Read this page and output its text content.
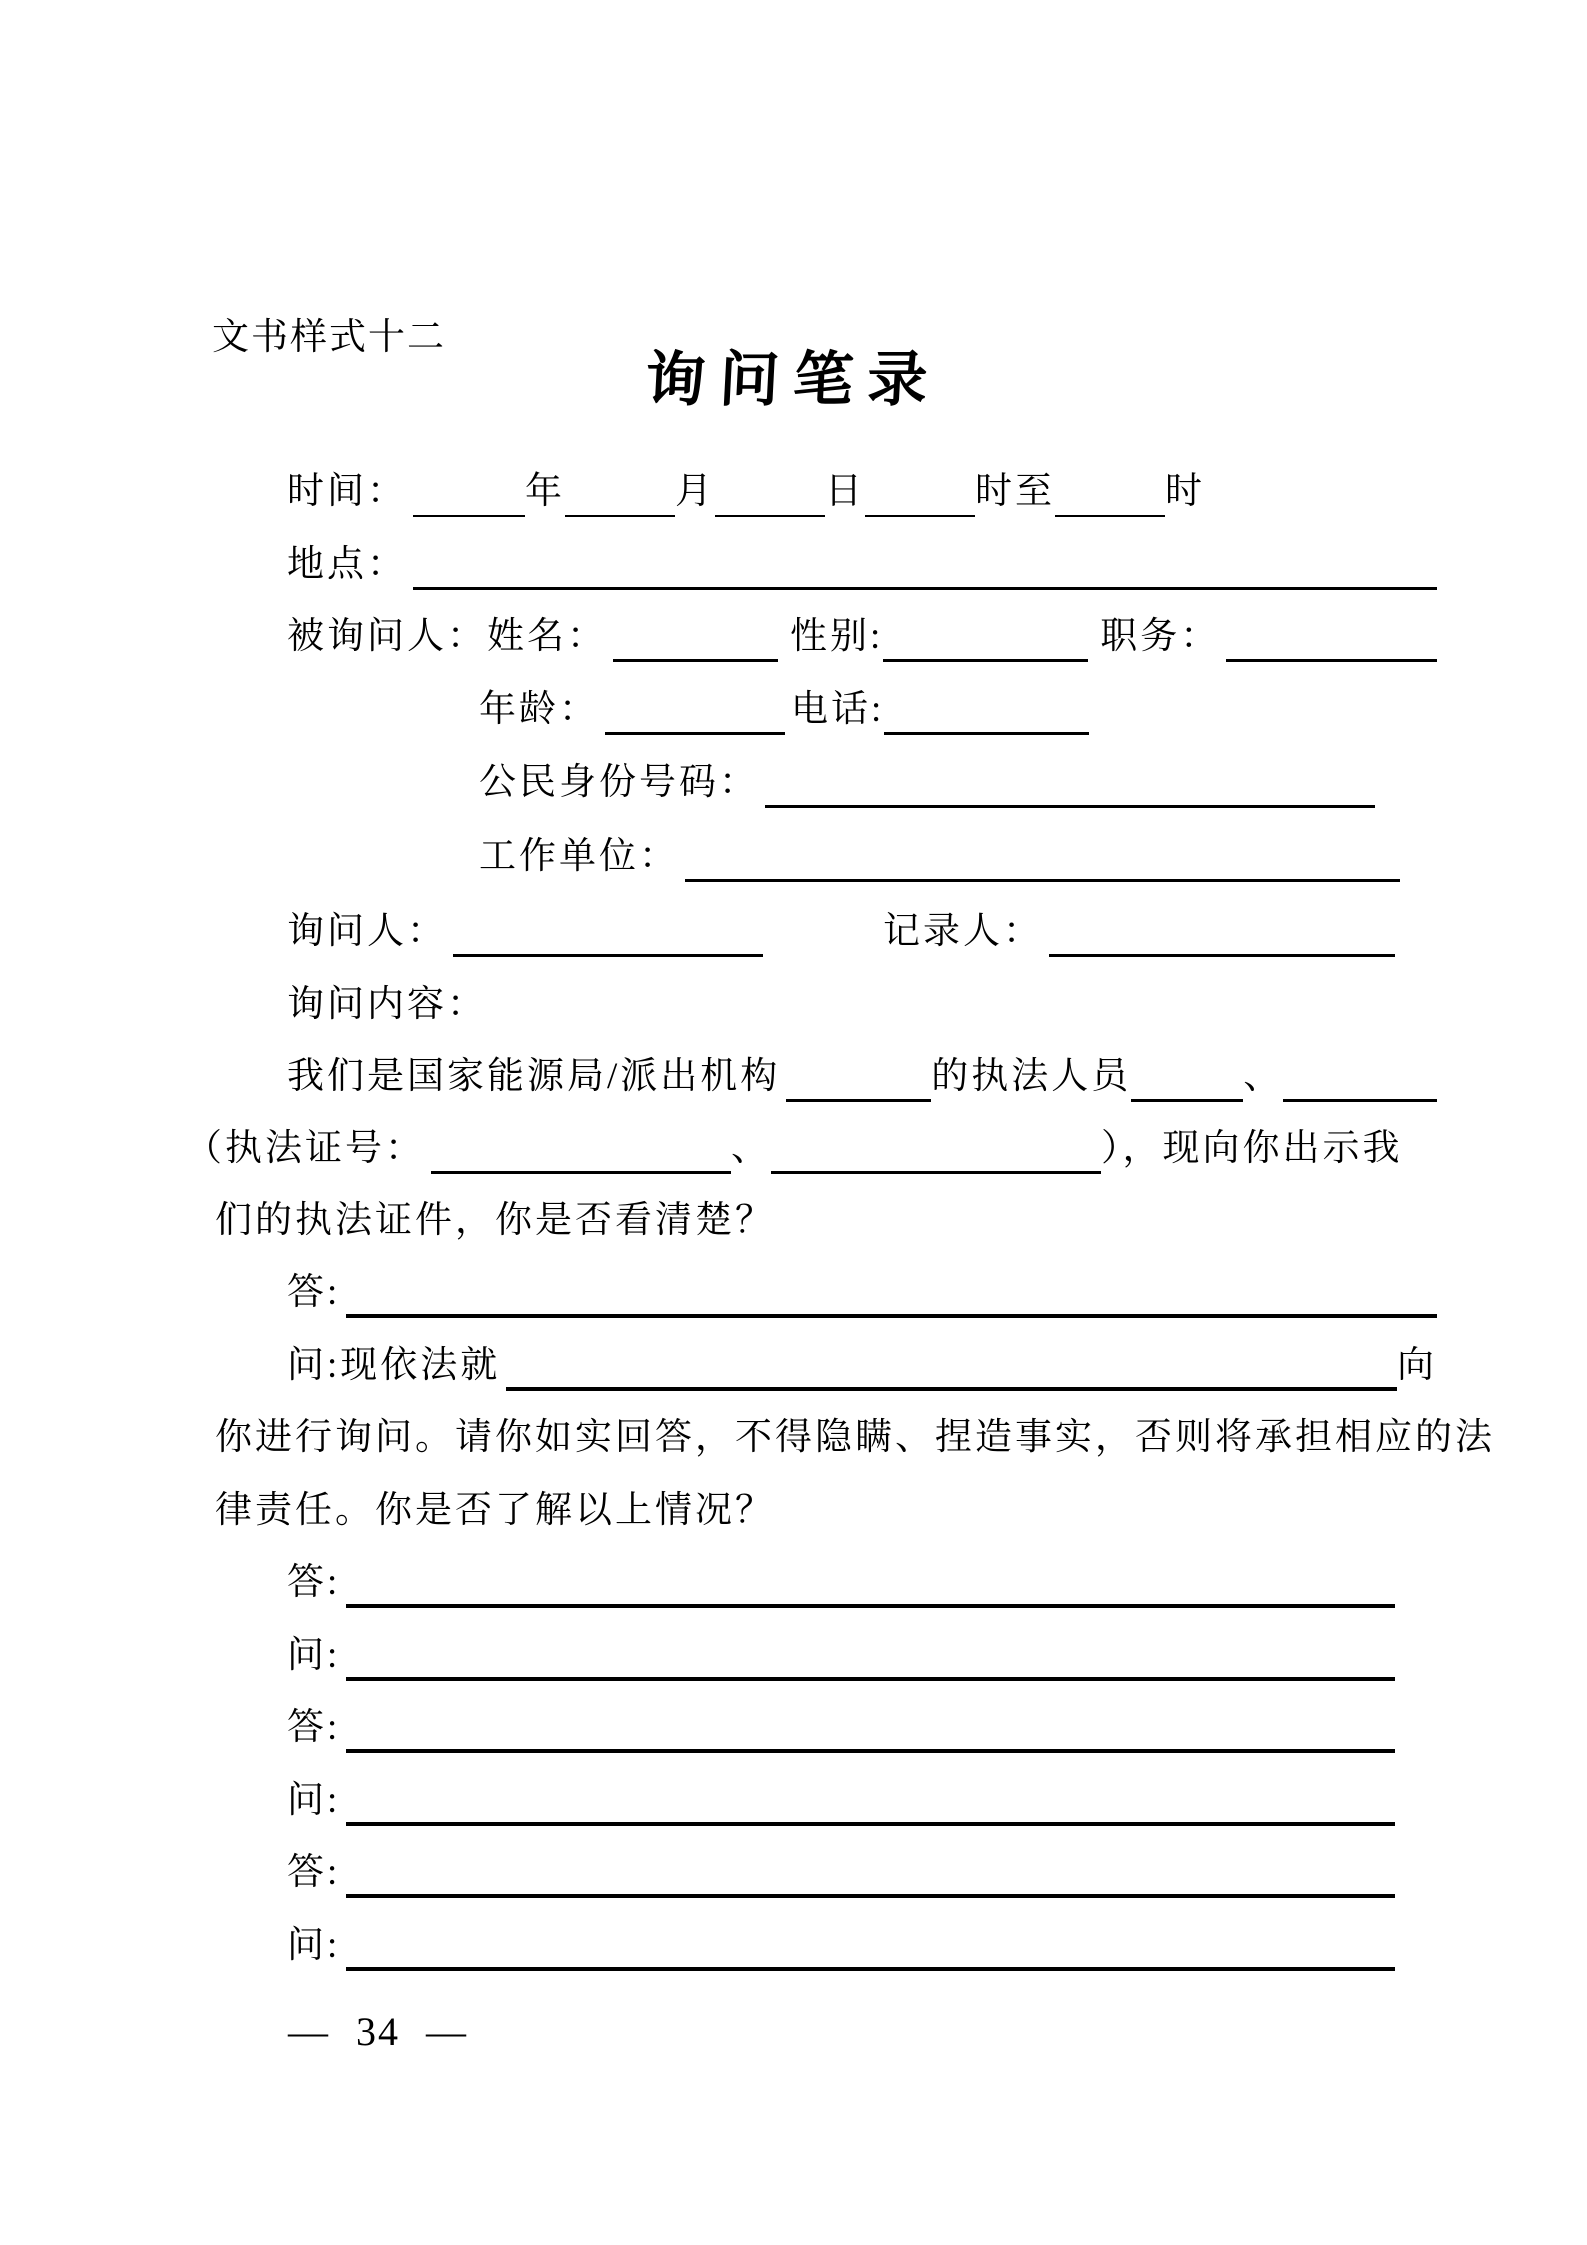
文书样式十二
询问笔录
时间：	年	月	日	时至	时
地点：
被询问人： 姓名：	性别:	职务：
年龄：	电话:
公民身份号码：
工作单位：
询问人：	记录人：
询问内容：
我们是国家能源局/派出机构	的执法人员	、
（执法证号：	、	），现向你出示我
们的执法证件，你是否看清楚？
答:
问:现依法就	向
你进行询问。请你如实回答，不得隐瞒、捏造事实，否则将承担相应的法
律责任。你是否了解以上情况？
答:
问:
答:
问:
答:
问:
— 34 —
